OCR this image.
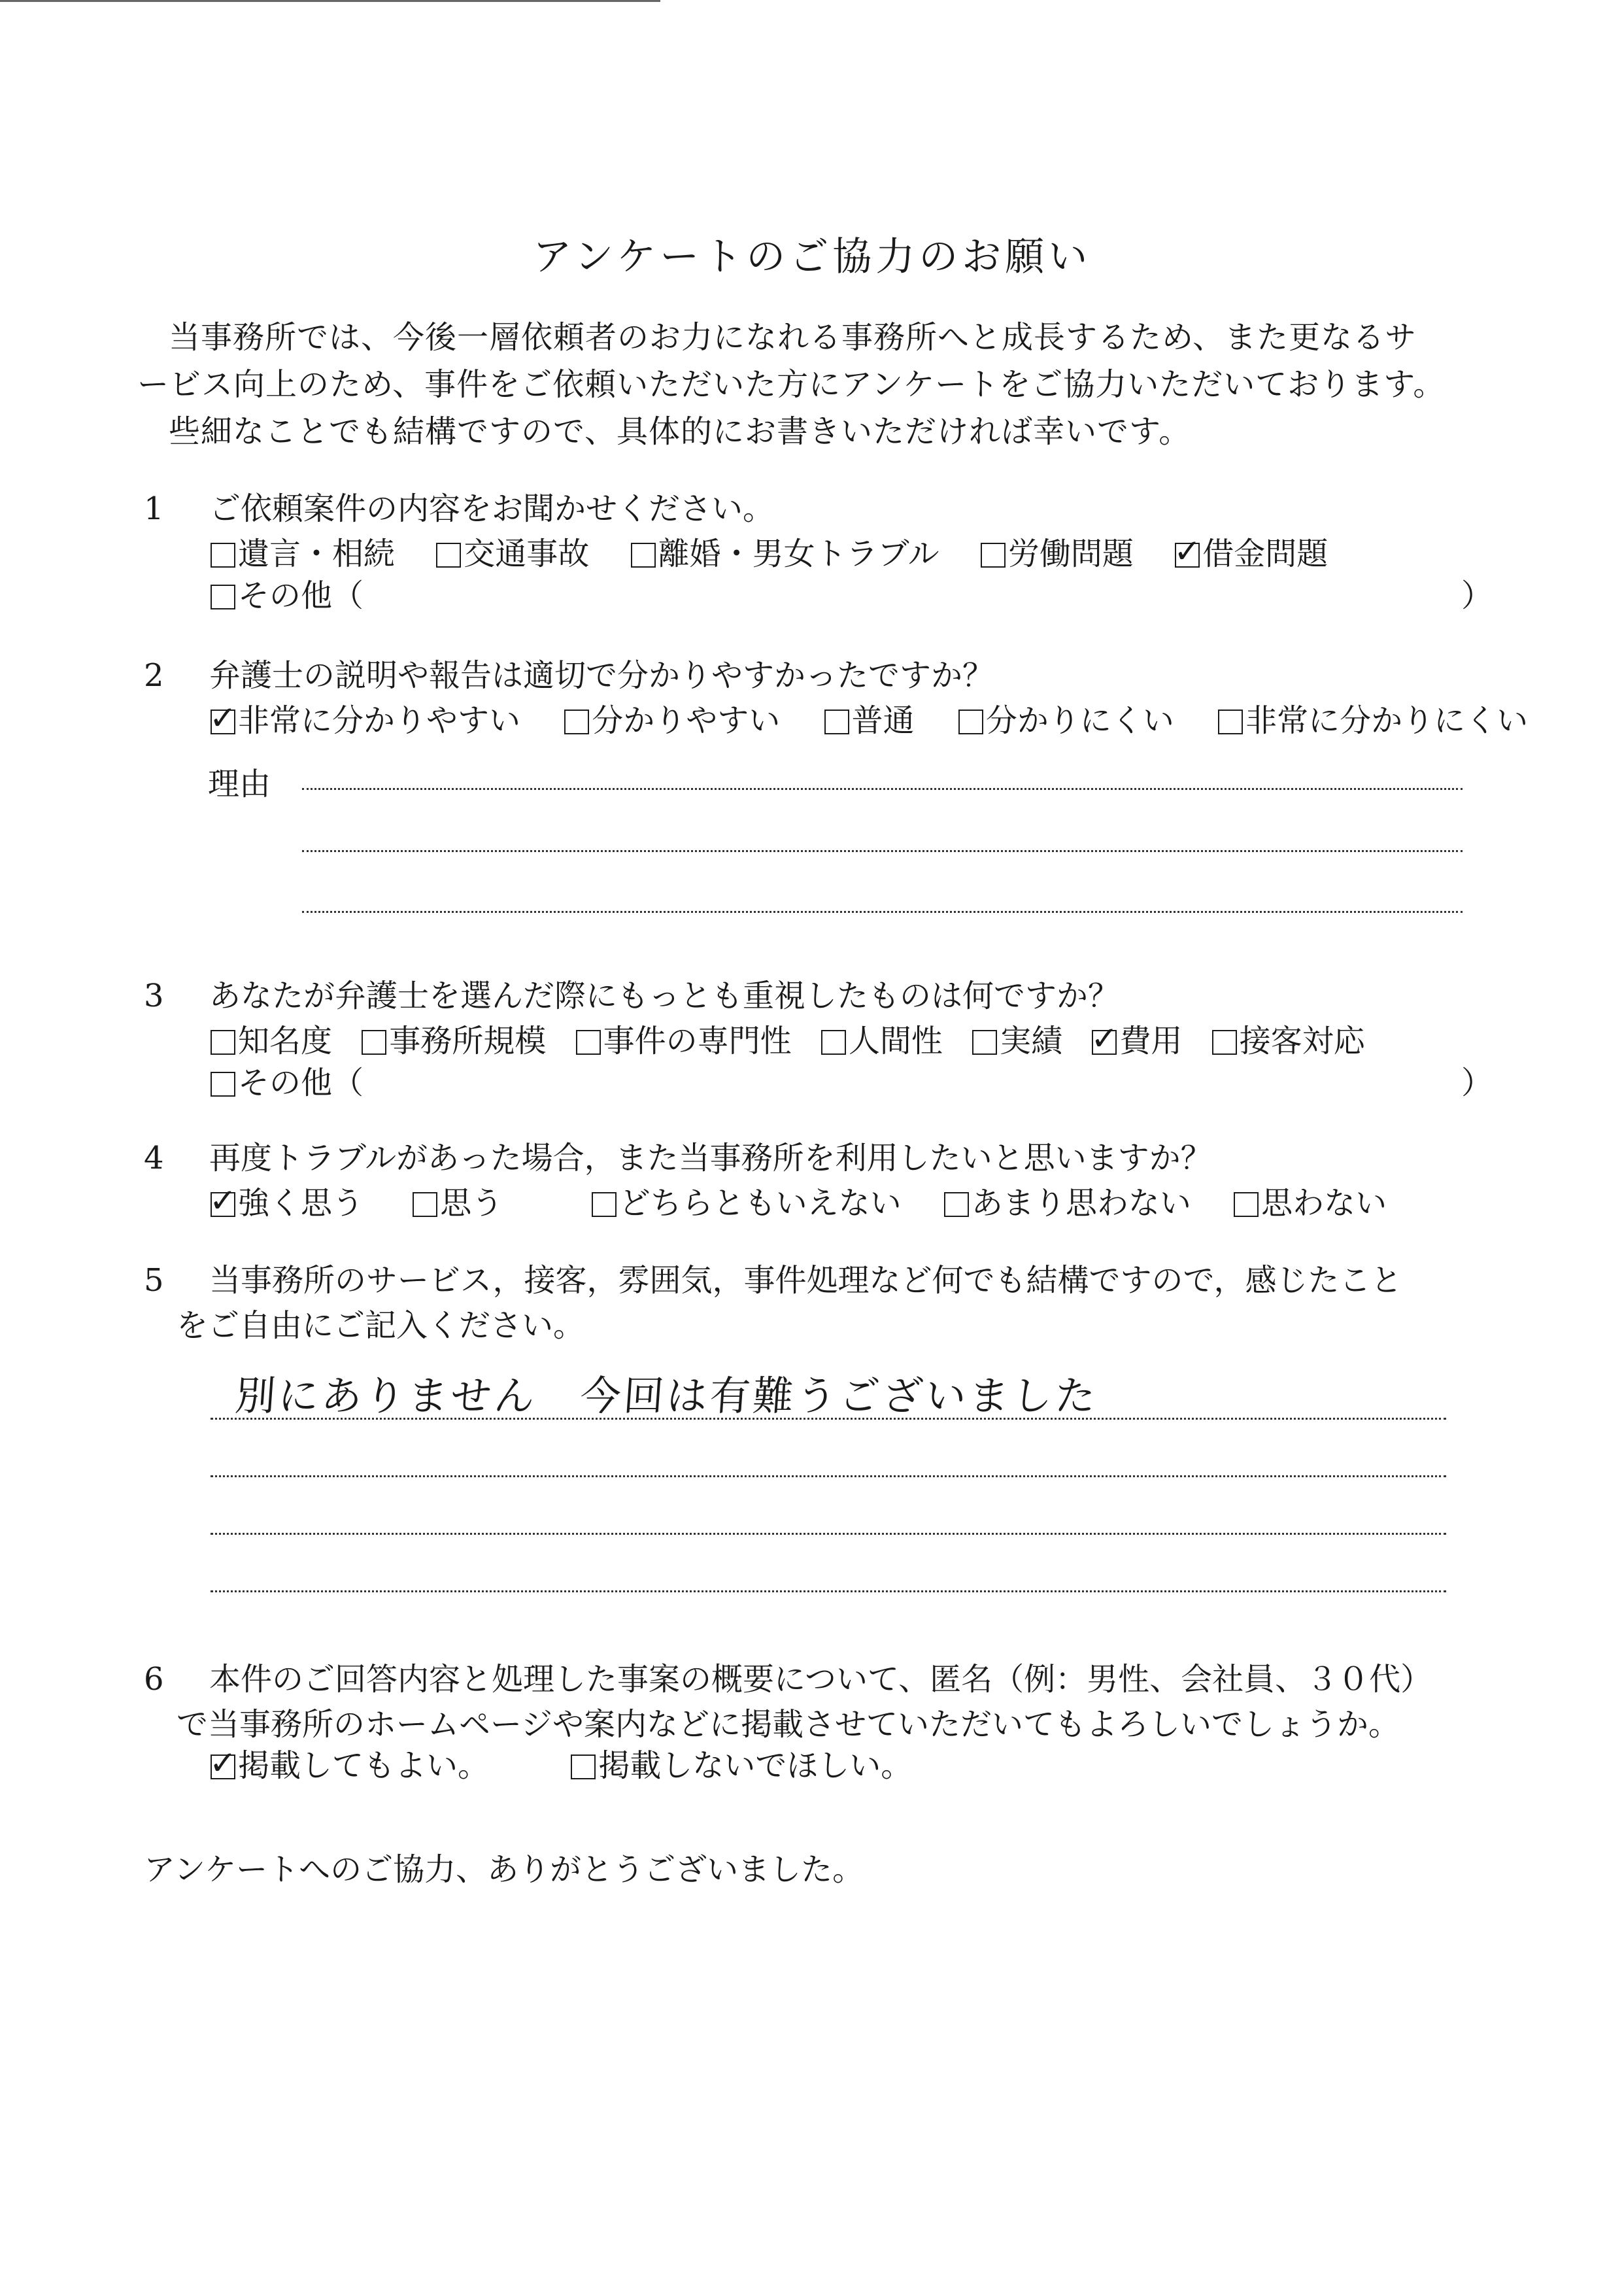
アンケートのご協力のお願い

当事務所では、今後一層依頼者のお力になれる事務所へと成長するため、また更なるサ

ービス向上のため、事件をご依頼いただいた方にアンケートをご協力いただいております。

些細なことでも結構ですので、具体的にお書きいただければ幸いです。

1	ご依頼案件の内容をお聞かせください。
遺言・相続 交通事故 離婚・男女トラブル 労働問題 ✓ 借金問題
その他（	）
2	弁護士の説明や報告は適切で分かりやすかったですか？
✓ 非常に分かりやすい 分かりやすい 普通 分かりにくい 非常に分かりにくい
理由
3	あなたが弁護士を選んだ際にもっとも重視したものは何ですか？
知名度 事務所規模 事件の専門性 人間性 実績 ✓ 費用 接客対応
その他（	）
4	再度トラブルがあった場合，また当事務所を利用したいと思いますか？
✓ 強く思う 思う	どちらともいえない あまり思わない 思わない
5	当事務所のサービス，接客，雰囲気，事件処理など何でも結構ですので，感じたこと
をご自由にご記入ください。
別にありません　今回は有難うございました
6	本件のご回答内容と処理した事案の概要について、匿名（例：男性、会社員、３０代）
で当事務所のホームページや案内などに掲載させていただいてもよろしいでしょうか。
✓ 掲載してもよい。	掲載しないでほしい。
アンケートへのご協力、ありがとうございました。
